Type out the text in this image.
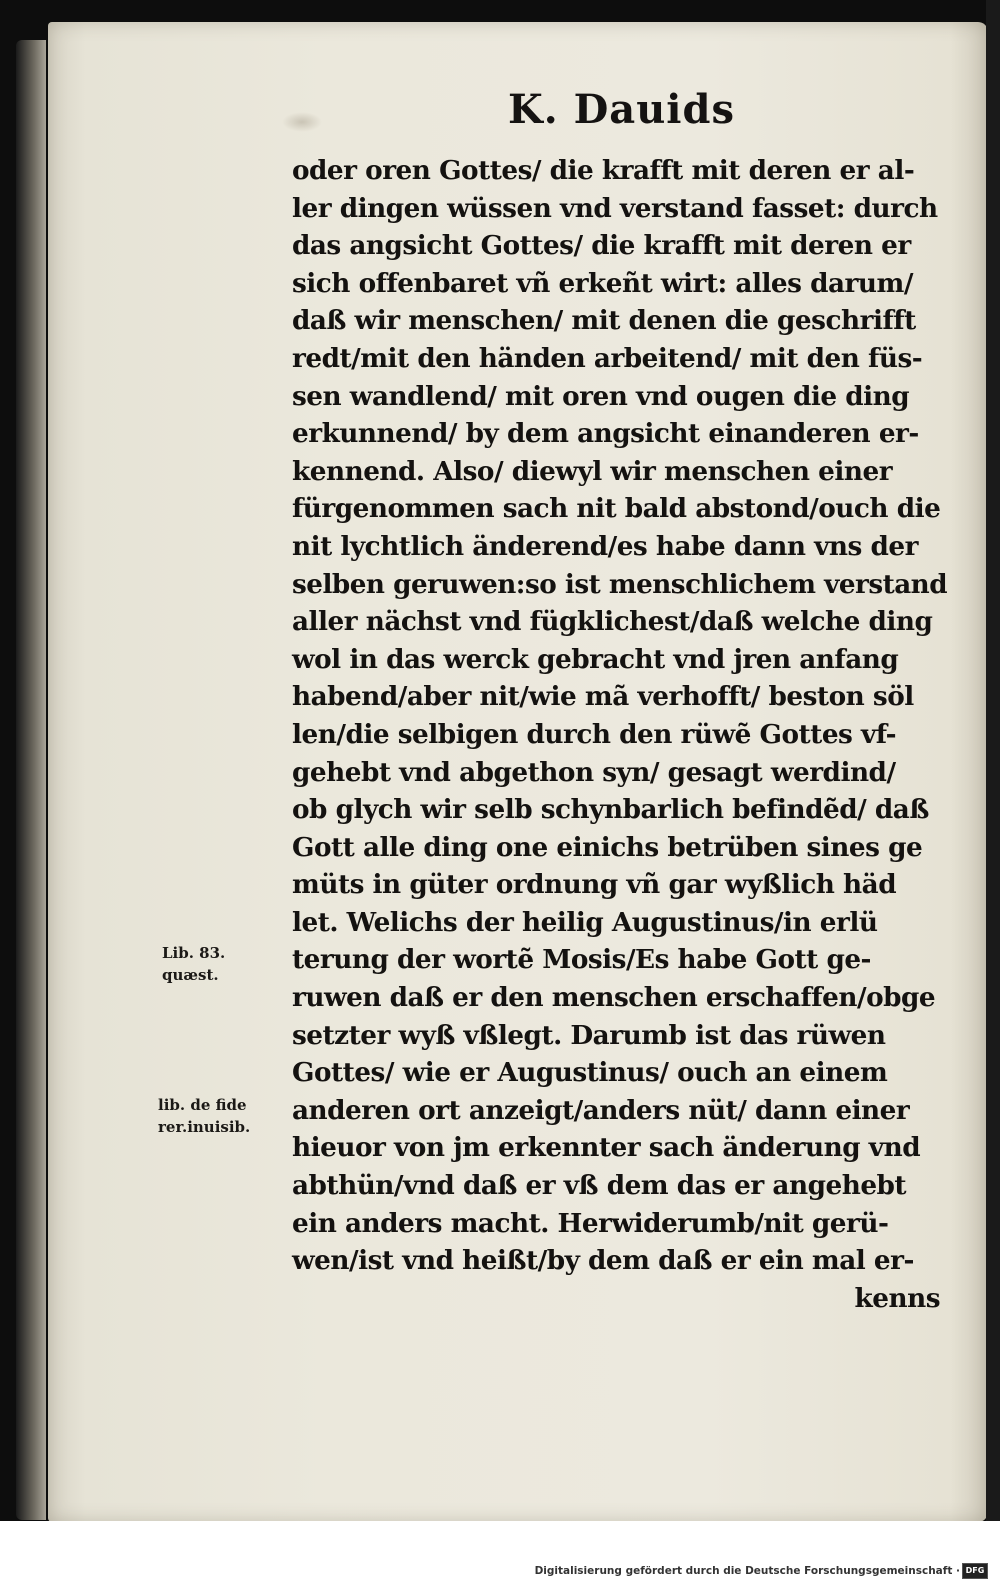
K. Dauids
oder oren Gottes/ die krafft mit deren er al-
ler dingen wüssen vnd verstand fasset: durch
das angsicht Gottes/ die krafft mit deren er
sich offenbaret vñ erkeñt wirt: alles darum/
daß wir menschen/ mit denen die geschrifft
redt/mit den händen arbeitend/ mit den füs-
sen wandlend/ mit oren vnd ougen die ding
erkunnend/ by dem angsicht einanderen er-
kennend. Also/ diewyl wir menschen einer
fürgenommen sach nit bald abstond/ouch die
nit lychtlich änderend/es habe dann vns der
selben geruwen:so ist menschlichem verstand
aller nächst vnd fügklichest/daß welche ding
wol in das werck gebracht vnd jren anfang
habend/aber nit/wie mã verhofft/ beston söl
len/die selbigen durch den rüwẽ Gottes vf-
gehebt vnd abgethon syn/ gesagt werdind/
ob glych wir selb schynbarlich befindẽd/ daß
Gott alle ding one einichs betrüben sines ge
müts in güter ordnung vñ gar wyßlich häd
let. Welichs der heilig Augustinus/in erlü
terung der wortẽ Mosis/Es habe Gott ge-
ruwen daß er den menschen erschaffen/obge
setzter wyß vßlegt. Darumb ist das rüwen
Gottes/ wie er Augustinus/ ouch an einem
anderen ort anzeigt/anders nüt/ dann einer
hieuor von jm erkennter sach änderung vnd
abthün/vnd daß er vß dem das er angehebt
ein anders macht. Herwiderumb/nit gerü-
wen/ist vnd heißt/by dem daß er ein mal er-
kenns
Lib. 83.
quæst.
lib. de fide
rer.inuisib.
Digitalisierung gefördert durch die Deutsche Forschungsgemeinschaft · DFG
